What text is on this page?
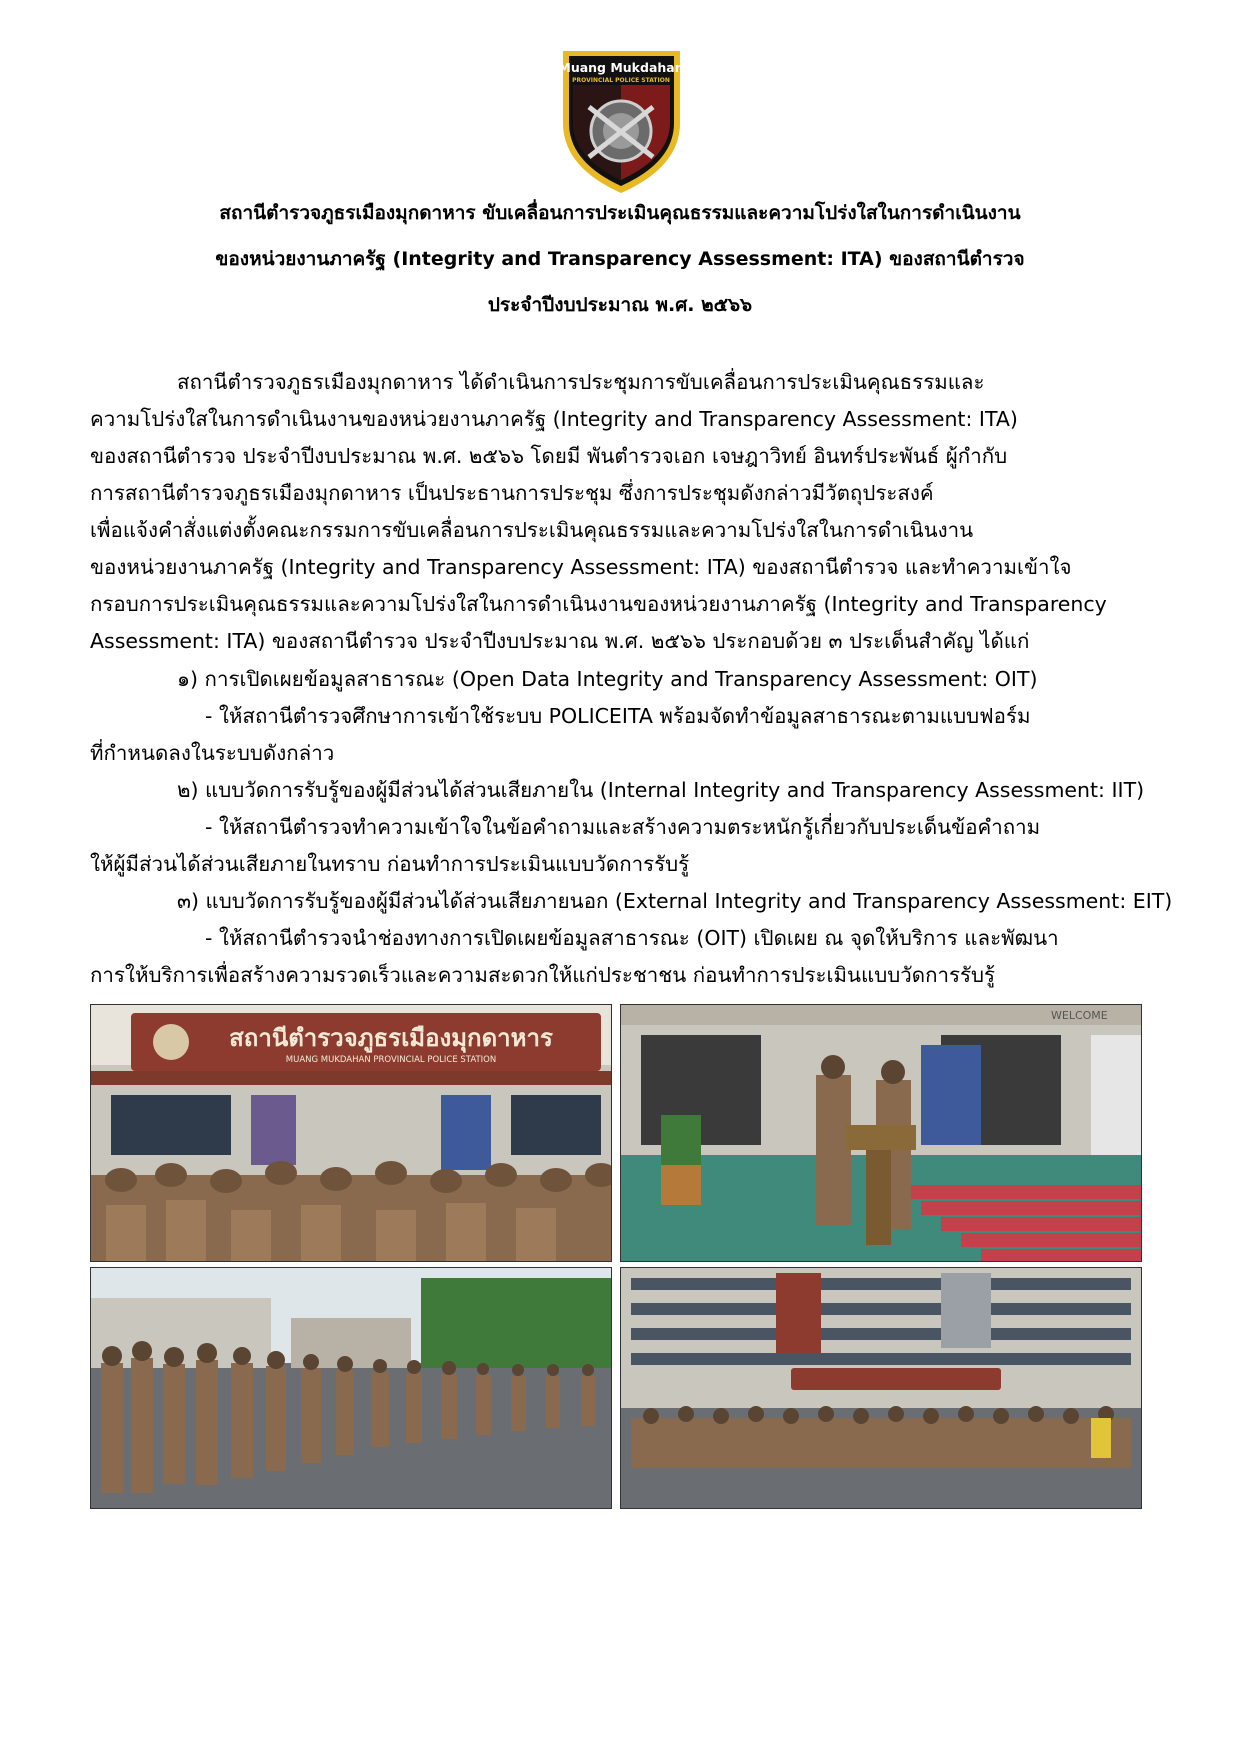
Muang Mukdahan
PROVINCIAL POLICE STATION
สถานีตำรวจภูธรเมืองมุกดาหาร ขับเคลื่อนการประเมินคุณธรรมและความโปร่งใสในการดำเนินงาน
ของหน่วยงานภาครัฐ (Integrity and Transparency Assessment: ITA) ของสถานีตำรวจ
ประจำปีงบประมาณ พ.ศ. ๒๕๖๖
สถานีตำรวจภูธรเมืองมุกดาหาร ได้ดำเนินการประชุมการขับเคลื่อนการประเมินคุณธรรมและ
ความโปร่งใสในการดำเนินงานของหน่วยงานภาครัฐ (Integrity and Transparency Assessment: ITA)
ของสถานีตำรวจ ประจำปีงบประมาณ พ.ศ. ๒๕๖๖ โดยมี พันตำรวจเอก เจษฎาวิทย์ อินทร์ประพันธ์ ผู้กำกับ
การสถานีตำรวจภูธรเมืองมุกดาหาร เป็นประธานการประชุม ซึ่งการประชุมดังกล่าวมีวัตถุประสงค์
เพื่อแจ้งคำสั่งแต่งตั้งคณะกรรมการขับเคลื่อนการประเมินคุณธรรมและความโปร่งใสในการดำเนินงาน
ของหน่วยงานภาครัฐ (Integrity and Transparency Assessment: ITA) ของสถานีตำรวจ และทำความเข้าใจ
กรอบการประเมินคุณธรรมและความโปร่งใสในการดำเนินงานของหน่วยงานภาครัฐ (Integrity and Transparency
Assessment: ITA) ของสถานีตำรวจ ประจำปีงบประมาณ พ.ศ. ๒๕๖๖ ประกอบด้วย ๓ ประเด็นสำคัญ ได้แก่
๑) การเปิดเผยข้อมูลสาธารณะ (Open Data Integrity and Transparency Assessment: OIT)
- ให้สถานีตำรวจศึกษาการเข้าใช้ระบบ POLICEITA พร้อมจัดทำข้อมูลสาธารณะตามแบบฟอร์ม
ที่กำหนดลงในระบบดังกล่าว
๒) แบบวัดการรับรู้ของผู้มีส่วนได้ส่วนเสียภายใน (Internal Integrity and Transparency Assessment: IIT)
- ให้สถานีตำรวจทำความเข้าใจในข้อคำถามและสร้างความตระหนักรู้เกี่ยวกับประเด็นข้อคำถาม
ให้ผู้มีส่วนได้ส่วนเสียภายในทราบ ก่อนทำการประเมินแบบวัดการรับรู้
๓) แบบวัดการรับรู้ของผู้มีส่วนได้ส่วนเสียภายนอก (External Integrity and Transparency Assessment: EIT)
- ให้สถานีตำรวจนำช่องทางการเปิดเผยข้อมูลสาธารณะ (OIT) เปิดเผย ณ จุดให้บริการ และพัฒนา
การให้บริการเพื่อสร้างความรวดเร็วและความสะดวกให้แก่ประชาชน ก่อนทำการประเมินแบบวัดการรับรู้
สถานีตำรวจภูธรเมืองมุกดาหาร
MUANG MUKDAHAN PROVINCIAL POLICE STATION
WELCOME
